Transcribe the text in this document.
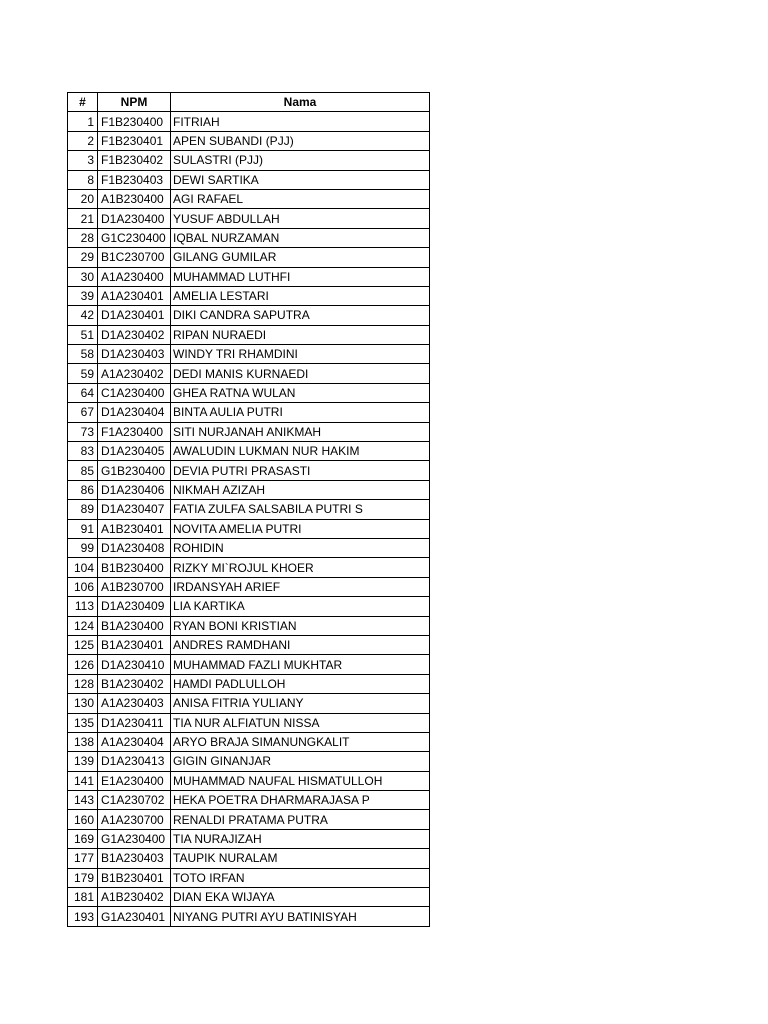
#	NPM	Nama
1	F1B230400	FITRIAH
2	F1B230401	APEN SUBANDI (PJJ)
3	F1B230402	SULASTRI (PJJ)
8	F1B230403	DEWI SARTIKA
20	A1B230400	AGI RAFAEL
21	D1A230400	YUSUF ABDULLAH
28	G1C230400	IQBAL NURZAMAN
29	B1C230700	GILANG GUMILAR
30	A1A230400	MUHAMMAD LUTHFI
39	A1A230401	AMELIA LESTARI
42	D1A230401	DIKI CANDRA SAPUTRA
51	D1A230402	RIPAN NURAEDI
58	D1A230403	WINDY TRI RHAMDINI
59	A1A230402	DEDI MANIS KURNAEDI
64	C1A230400	GHEA RATNA WULAN
67	D1A230404	BINTA AULIA PUTRI
73	F1A230400	SITI NURJANAH ANIKMAH
83	D1A230405	AWALUDIN LUKMAN NUR HAKIM
85	G1B230400	DEVIA PUTRI PRASASTI
86	D1A230406	NIKMAH AZIZAH
89	D1A230407	FATIA ZULFA SALSABILA PUTRI S
91	A1B230401	NOVITA AMELIA PUTRI
99	D1A230408	ROHIDIN
104	B1B230400	RIZKY MI`ROJUL KHOER
106	A1B230700	IRDANSYAH ARIEF
113	D1A230409	LIA KARTIKA
124	B1A230400	RYAN BONI KRISTIAN
125	B1A230401	ANDRES RAMDHANI
126	D1A230410	MUHAMMAD FAZLI MUKHTAR
128	B1A230402	HAMDI PADLULLOH
130	A1A230403	ANISA FITRIA YULIANY
135	D1A230411	TIA NUR ALFIATUN NISSA
138	A1A230404	ARYO BRAJA SIMANUNGKALIT
139	D1A230413	GIGIN GINANJAR
141	E1A230400	MUHAMMAD NAUFAL HISMATULLOH
143	C1A230702	HEKA POETRA DHARMARAJASA P
160	A1A230700	RENALDI PRATAMA PUTRA
169	G1A230400	TIA NURAJIZAH
177	B1A230403	TAUPIK NURALAM
179	B1B230401	TOTO IRFAN
181	A1B230402	DIAN EKA WIJAYA
193	G1A230401	NIYANG PUTRI AYU BATINISYAH
